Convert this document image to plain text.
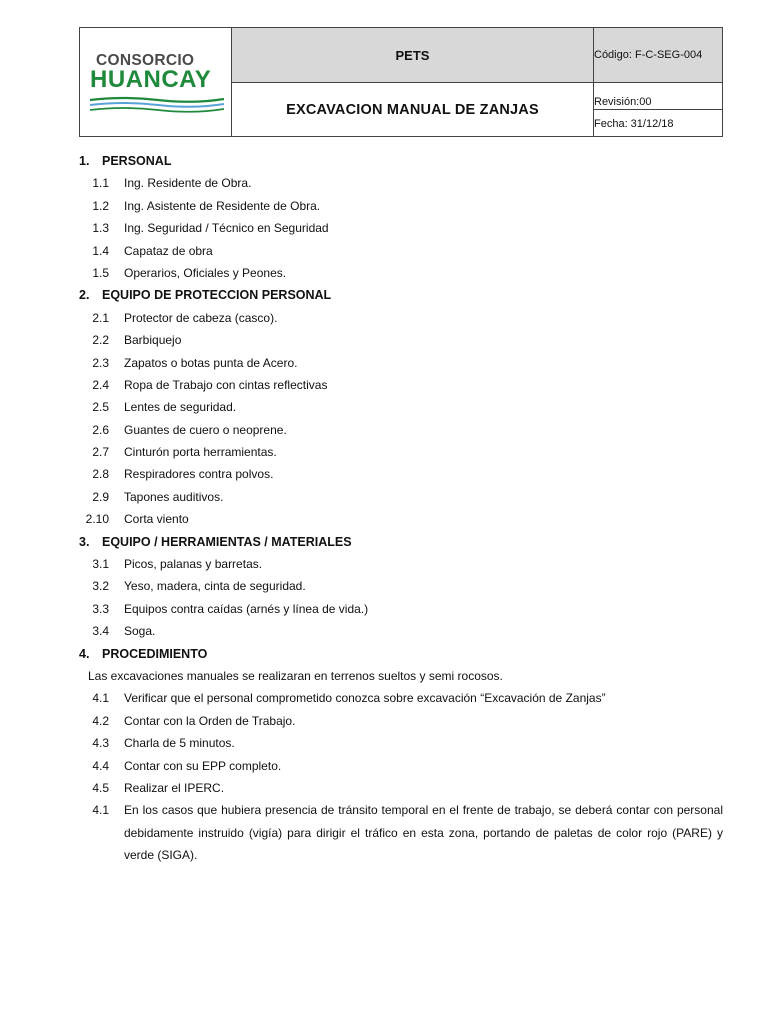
CONSORCIO
HUANCAY
PETS
EXCAVACION MANUAL DE ZANJAS
Código: F-C-SEG-004
Revisión:00
Fecha: 31/12/18
1. PERSONAL
1.1 Ing. Residente de Obra.
1.2 Ing. Asistente de Residente de Obra.
1.3 Ing. Seguridad / Técnico en Seguridad
1.4 Capataz de obra
1.5 Operarios, Oficiales y Peones.
2. EQUIPO DE PROTECCION PERSONAL
2.1 Protector de cabeza (casco).
2.2 Barbiquejo
2.3 Zapatos o botas punta de Acero.
2.4 Ropa de Trabajo con cintas reflectivas
2.5 Lentes de seguridad.
2.6 Guantes de cuero o neoprene.
2.7 Cinturón porta herramientas.
2.8 Respiradores contra polvos.
2.9 Tapones auditivos.
2.10 Corta viento
3. EQUIPO / HERRAMIENTAS / MATERIALES
3.1 Picos, palanas y barretas.
3.2 Yeso, madera, cinta de seguridad.
3.3 Equipos contra caídas (arnés y línea de vida.)
3.4 Soga.
4. PROCEDIMIENTO
Las excavaciones manuales se realizaran en terrenos sueltos y semi rocosos.
4.1 Verificar que el personal comprometido conozca sobre excavación “Excavación de Zanjas”
4.2 Contar con la Orden de Trabajo.
4.3 Charla de 5 minutos.
4.4 Contar con su EPP completo.
4.5 Realizar el IPERC.
4.1 En los casos que hubiera presencia de tránsito temporal en el frente de trabajo, se deberá contar con personal debidamente instruido (vigía) para dirigir el tráfico en esta zona, portando de paletas de color rojo (PARE) y verde (SIGA).
